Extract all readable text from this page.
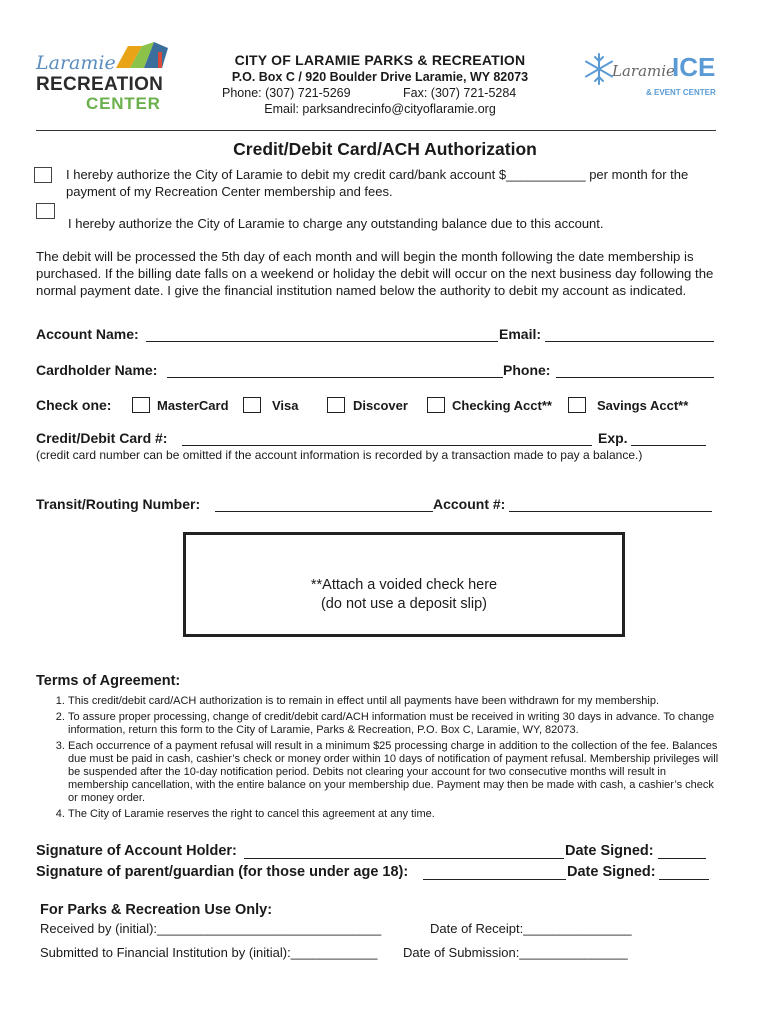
Laramie
RECREATION
CENTER
Laramie
ICE
& EVENT CENTER
CITY OF LARAMIE PARKS & RECREATION
P.O. Box C / 920 Boulder Drive Laramie, WY 82073
Phone: (307) 721-5269	Fax: (307) 721-5284
Email: parksandrecinfo@cityoflaramie.org
Credit/Debit Card/ACH Authorization
I hereby authorize the City of Laramie to debit my credit card/bank account $___________ per month for the payment of my Recreation Center membership and fees.
I hereby authorize the City of Laramie to charge any outstanding balance due to this account.
The debit will be processed the 5th day of each month and will begin the month following the date membership is purchased. If the billing date falls on a weekend or holiday the debit will occur on the next business day following the normal payment date. I give the financial institution named below the authority to debit my account as indicated.
Account Name:	Email:
Cardholder Name:	Phone:
Check one:	MasterCard	Visa	Discover	Checking Acct**	Savings Acct**
Credit/Debit Card #:	Exp.
(credit card number can be omitted if the account information is recorded by a transaction made to pay a balance.)
Transit/Routing Number:	Account #:
**Attach a voided check here
(do not use a deposit slip)
Terms of Agreement:
1. This credit/debit card/ACH authorization is to remain in effect until all payments have been withdrawn for my membership.
2. To assure proper processing, change of credit/debit card/ACH information must be received in writing 30 days in advance. To change information, return this form to the City of Laramie, Parks & Recreation, P.O. Box C, Laramie, WY, 82073.
3. Each occurrence of a payment refusal will result in a minimum $25 processing charge in addition to the collection of the fee. Balances due must be paid in cash, cashier’s check or money order within 10 days of notification of payment refusal. Membership privileges will be suspended after the 10-day notification period. Debits not clearing your account for two consecutive months will result in membership cancellation, with the entire balance on your membership due. Payment may then be made with cash, a cashier’s check or money order.
4. The City of Laramie reserves the right to cancel this agreement at any time.
Signature of Account Holder:	Date Signed:
Signature of parent/guardian (for those under age 18):	Date Signed:
For Parks & Recreation Use Only:
Received by (initial):_______________________________	Date of Receipt:_______________
Submitted to Financial Institution by (initial):____________ Date of Submission:_______________
